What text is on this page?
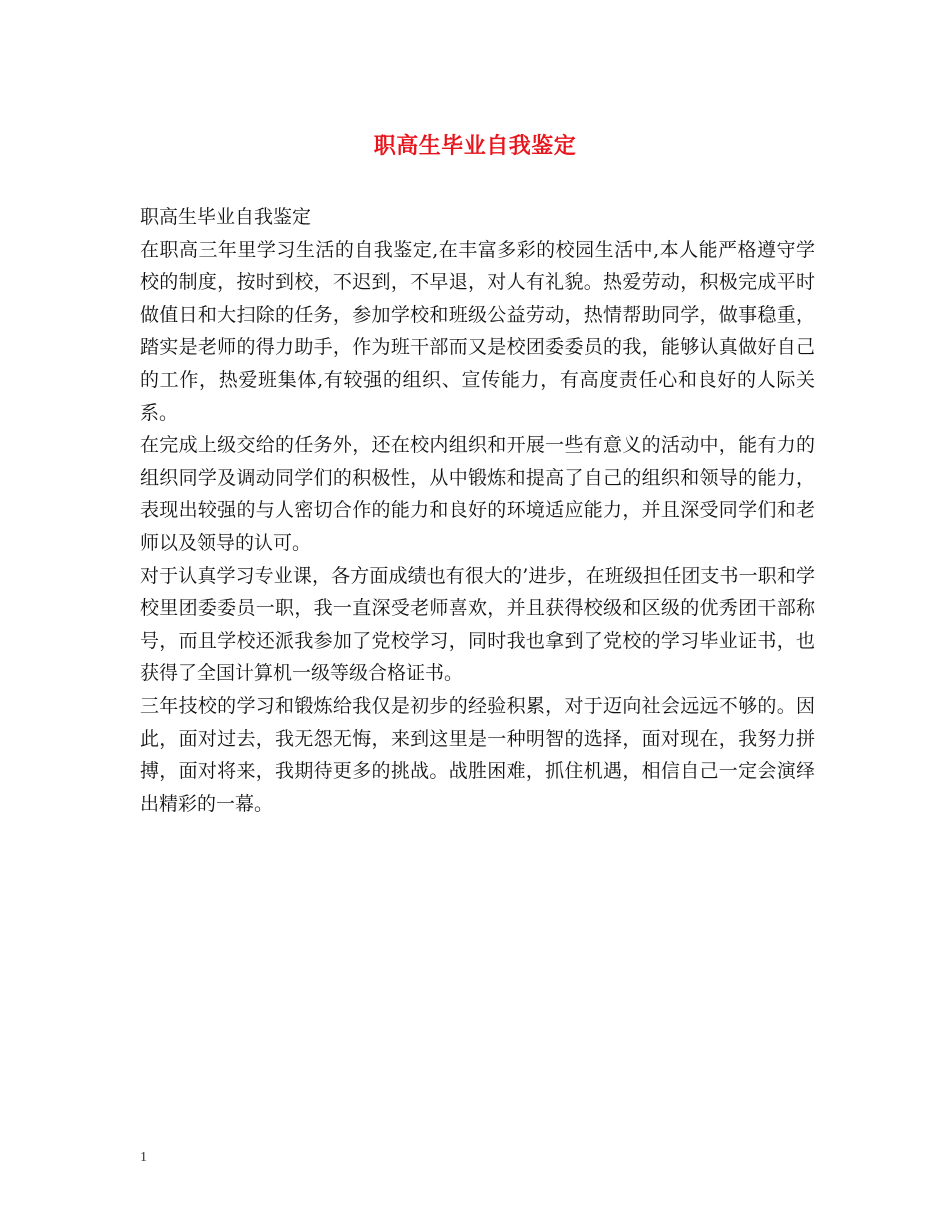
职高生毕业自我鉴定

职高生毕业自我鉴定

在职高三年里学习生活的自我鉴定,在丰富多彩的校园生活中,本人能严格遵守学校的制度，按时到校，不迟到，不早退，对人有礼貌。热爱劳动，积极完成平时做值日和大扫除的任务，参加学校和班级公益劳动，热情帮助同学，做事稳重，踏实是老师的得力助手，作为班干部而又是校团委委员的我，能够认真做好自己的工作，热爱班集体,有较强的组织、宣传能力，有高度责任心和良好的人际关系。

在完成上级交给的任务外，还在校内组织和开展一些有意义的活动中，能有力的组织同学及调动同学们的积极性，从中锻炼和提高了自己的组织和领导的能力，表现出较强的与人密切合作的能力和良好的环境适应能力，并且深受同学们和老师以及领导的认可。

对于认真学习专业课，各方面成绩也有很大的’进步，在班级担任团支书一职和学校里团委委员一职，我一直深受老师喜欢，并且获得校级和区级的优秀团干部称号，而且学校还派我参加了党校学习，同时我也拿到了党校的学习毕业证书，也获得了全国计算机一级等级合格证书。

三年技校的学习和锻炼给我仅是初步的经验积累，对于迈向社会远远不够的。因此，面对过去，我无怨无悔，来到这里是一种明智的选择，面对现在，我努力拼搏，面对将来，我期待更多的挑战。战胜困难，抓住机遇，相信自己一定会演绎出精彩的一幕。

1
